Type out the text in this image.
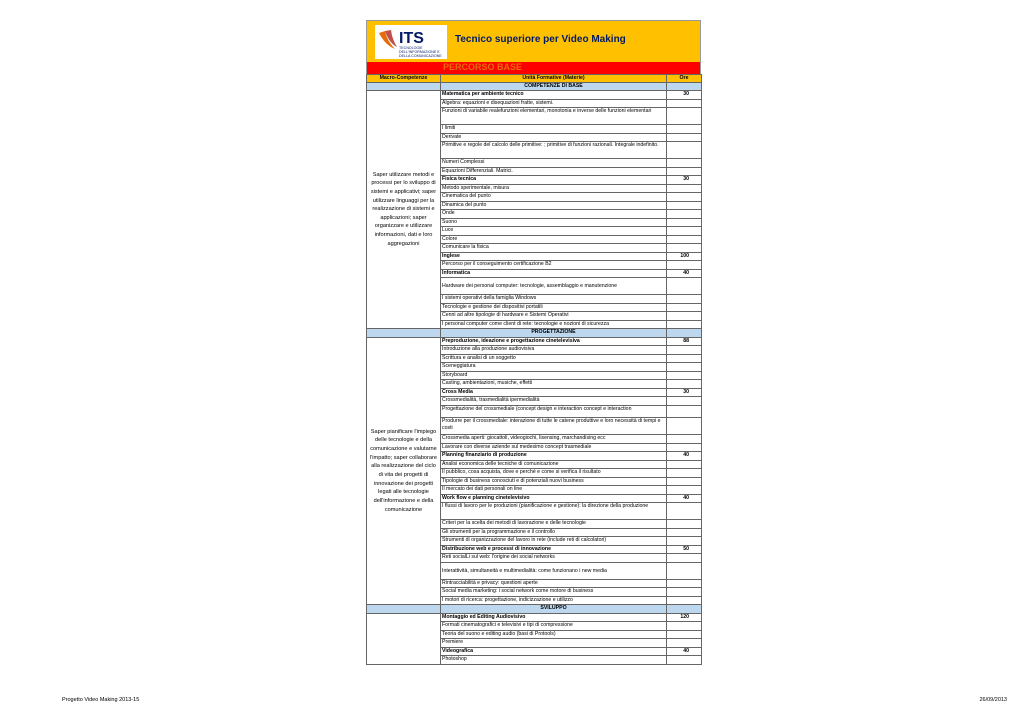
ITS
TECNOLOGIE
DELL'INFORMAZIONE E
DELLA COMUNICAZIONE
Tecnico superiore per Video Making
PERCORSO BASE
Macro-Competenze	Unità Formative (Materie)	Ore
	COMPETENZE DI BASE	
Saper utilizzare metodi e processi per lo sviluppo di sistemi e applicativi; saper utilizzare linguaggi per la realizzazione di sistemi e applicazioni; saper organizzare e utilizzare informazioni, dati e loro aggregazioni	Matematica per ambiente tecnico	30
	Algebra: equazioni e disequazioni fratte, sistemi.	
	Funzioni di variabile realefunzioni elementari, monotonia e inverse delle funzioni elementari	
	I limiti	
	Derivate	
	Primitive e regole del calcolo delle primitive: ; primitive di funzioni razionali. Integrale indefinito.	
	Numeri Complessi	
	Equazioni Differenziali. Matrici.	
	Fisica tecnica	30
	Metodo sperimentale, misura	
	Cinematica del punto	
	Dinamica del punto	
	Onde	
	Suono	
	Luce	
	Colore	
	Comunicare la fisica	
	Inglese	100
	Percorso per il conseguimento certificazione B2	
	Informatica	40
	Hardware dei personal computer: tecnologie, assemblaggio e manutenzione	
	I sistemi operativi della famiglia Windows	
	Tecnologie e gestione dei dispositivi portatili	
	Cenni ad altre tipologie di hardware e Sistemi Operativi	
	I personal computer come client di rete: tecnologie e nozioni di sicurezza	
	PROGETTAZIONE	
Saper pianificare l'impiego delle tecnologie e della comunicazione e valutarne l'impatto; saper collaborare alla realizzazione del ciclo di vita dei progetti di innovazione dei progetti legati alle tecnologie dell'informazione e della comunicazione	Preproduzione, ideazione e progettazione cinetelevisiva	88
	Introduzione alla produzione audiovisiva	
	Scrittura e analisi di un soggetto	
	Sceneggiatura	
	Storyboard	
	Casting, ambientazioni, musiche, effetti	
	Cross Media	30
	Crossmedialità, trasmedialità ipermedialità	
	Progettazione del crossmediale (concept design e interaction concept e interaction	
	Produrre per il crossmediale: interazione di tutte le catene produttive e loro necessità di tempi e costi	
	Crossmedia aperti: giocattoli, videogiochi, lisensing, marchandising ecc	
	Lavorare con diverse aziende sul medesimo concept trasmediale	
	Planning finanziario di produzione	40
	Analisi economica delle tecniche di comunicazione	
	Il pubblico, cosa acquista, dove e perché e come si verifica il risultato	
	Tipologie di business conosciuti e di potenziali nuovi business	
	Il mercato dei dati personali on line	
	Work flow e planning cinetelevisivo	40
	I flussi di lavoro per le produzioni (pianificazione e gestione): la direzione della produzione	
	Criteri per la scelta dei metodi di lavorazione e delle tecnologie	
	Gli strumenti per la programmazione e il controllo	
	Strumenti di organizzazione del lavoro in rete (include reti di calcolatori)	
	Distribuzione web e processi di innovazione	50
	Reti socialLi sul web: l'origine dei social networks	
	Interattività, simultaneità e multimedialità: come funzionano i new media	
	Rintracciabilità e privacy: questioni aperte	
	Social media marketing: i social network come motore di business	
	I motori di ricerca: progettazione, indicizzazione e utilizzo	
	SVILUPPO	
	Montaggio ed Editing Audiovisivo	120
	Formati cinematografici e televisivi e tipi di compressione	
	Teoria del suono e editing audio (basi di Protools)	
	Premiere	
	Videografica	40
	Photoshop	
Progetto Video Making 2013-15	26/09/2013
